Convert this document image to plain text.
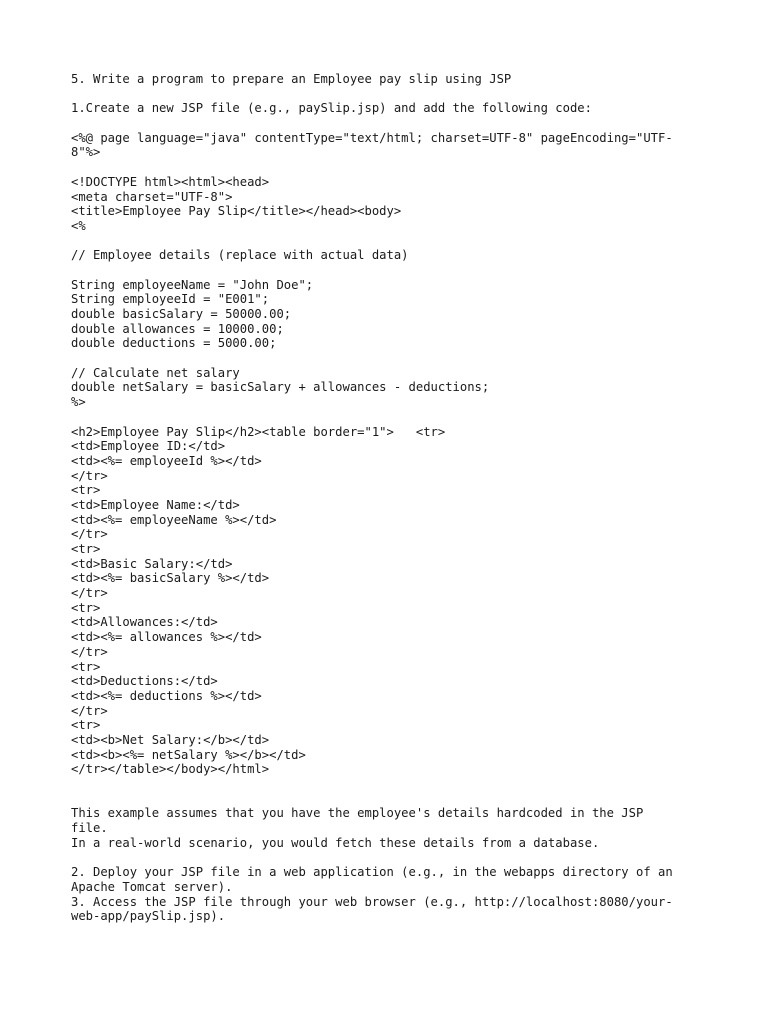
5. Write a program to prepare an Employee pay slip using JSP
1.Create a new JSP file (e.g., paySlip.jsp) and add the following code:
<%@ page language="java" contentType="text/html; charset=UTF-8" pageEncoding="UTF-
8"%>
<!DOCTYPE html><html><head>
<meta charset="UTF-8">
<title>Employee Pay Slip</title></head><body>
<%
// Employee details (replace with actual data)
String employeeName = "John Doe";
String employeeId = "E001";
double basicSalary = 50000.00;
double allowances = 10000.00;
double deductions = 5000.00;
// Calculate net salary
double netSalary = basicSalary + allowances - deductions;
%>
<h2>Employee Pay Slip</h2><table border="1">   <tr>
<td>Employee ID:</td>
<td><%= employeeId %></td>
</tr>
<tr>
<td>Employee Name:</td>
<td><%= employeeName %></td>
</tr>
<tr>
<td>Basic Salary:</td>
<td><%= basicSalary %></td>
</tr>
<tr>
<td>Allowances:</td>
<td><%= allowances %></td>
</tr>
<tr>
<td>Deductions:</td>
<td><%= deductions %></td>
</tr>
<tr>
<td><b>Net Salary:</b></td>
<td><b><%= netSalary %></b></td>
</tr></table></body></html>
This example assumes that you have the employee's details hardcoded in the JSP
file.
In a real-world scenario, you would fetch these details from a database.
2. Deploy your JSP file in a web application (e.g., in the webapps directory of an
Apache Tomcat server).
3. Access the JSP file through your web browser (e.g., http://localhost:8080/your-
web-app/paySlip.jsp).
